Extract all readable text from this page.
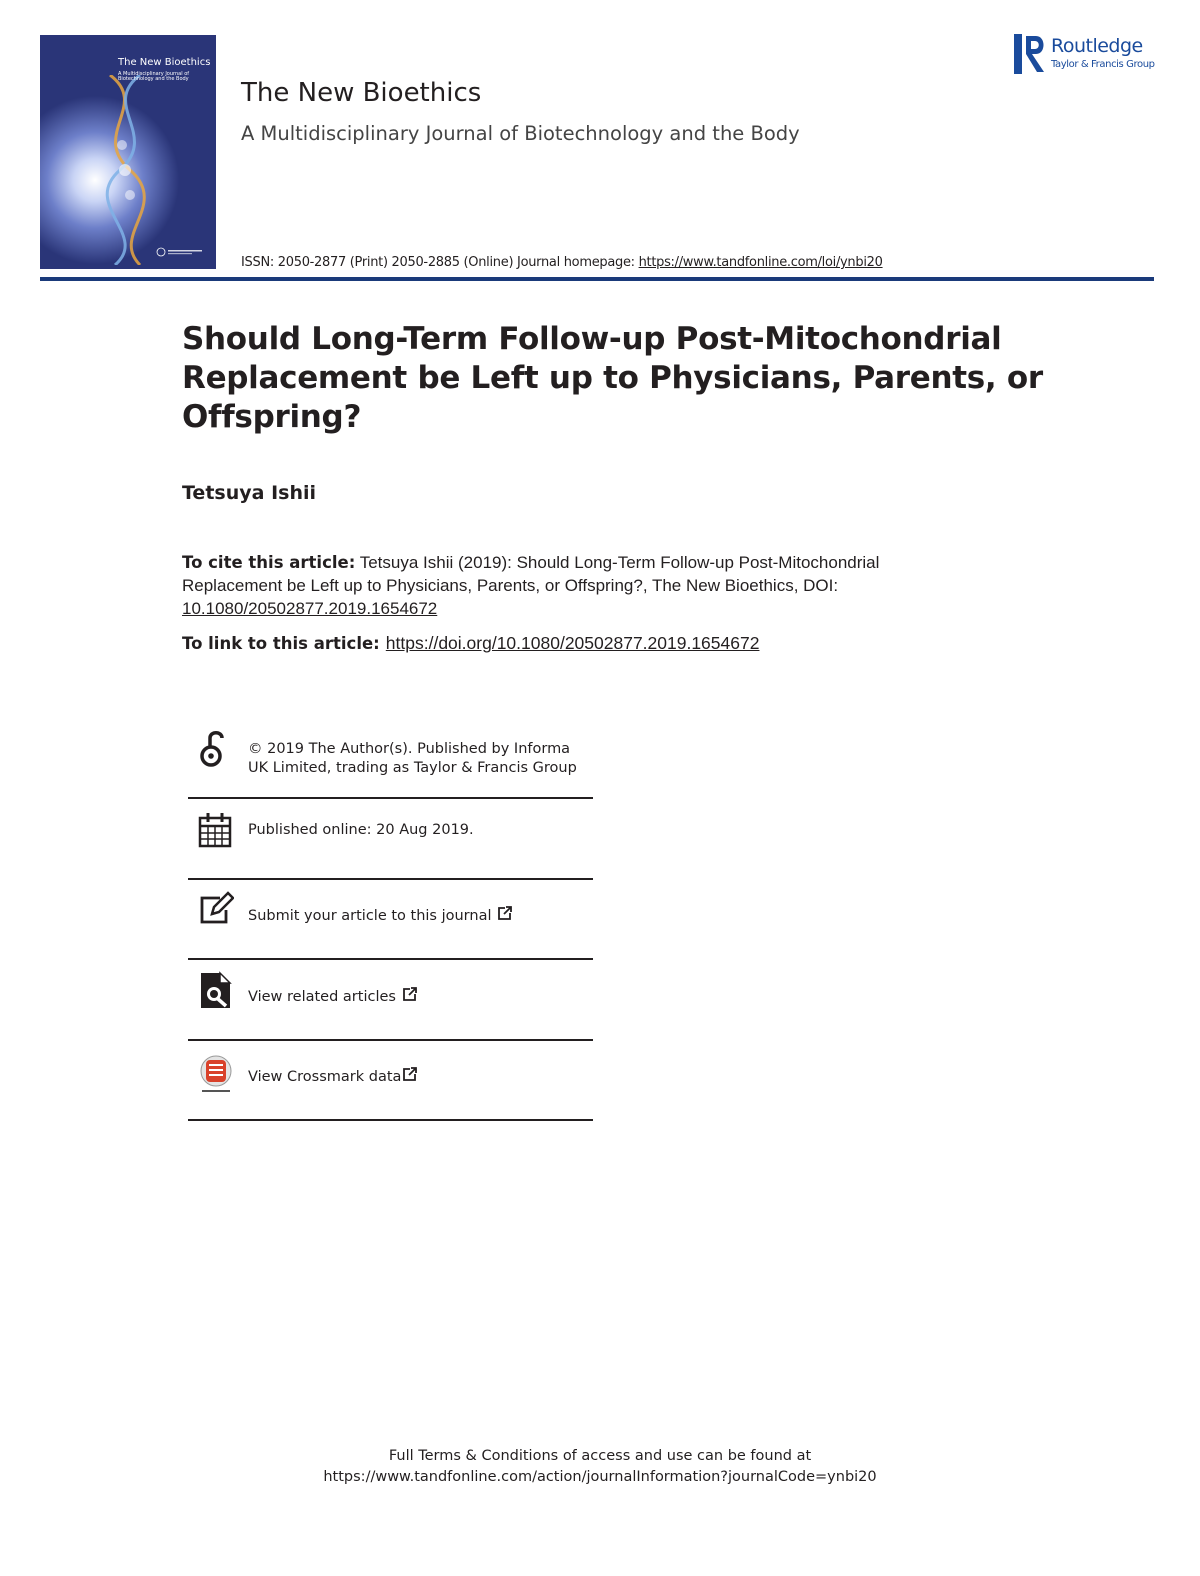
The New Bioethics
A Multidisciplinary Journal of Biotechnology and the Body	The New Bioethics
A Multidisciplinary Journal of Biotechnology and the Body
ISSN: 2050-2877 (Print) 2050-2885 (Online) Journal homepage: https://www.tandfonline.com/loi/ynbi20
Routledge
Taylor & Francis Group
Should Long-Term Follow-up Post-Mitochondrial Replacement be Left up to Physicians, Parents, or Offspring?
Tetsuya Ishii
To cite this article: Tetsuya Ishii (2019): Should Long-Term Follow-up Post-Mitochondrial Replacement be Left up to Physicians, Parents, or Offspring?, The New Bioethics, DOI: 10.1080/20502877.2019.1654672
To link to this article: https://doi.org/10.1080/20502877.2019.1654672
© 2019 The Author(s). Published by Informa UK Limited, trading as Taylor & Francis Group
Published online: 20 Aug 2019.
Submit your article to this journal
View related articles
View Crossmark data
Full Terms & Conditions of access and use can be found at
https://www.tandfonline.com/action/journalInformation?journalCode=ynbi20
